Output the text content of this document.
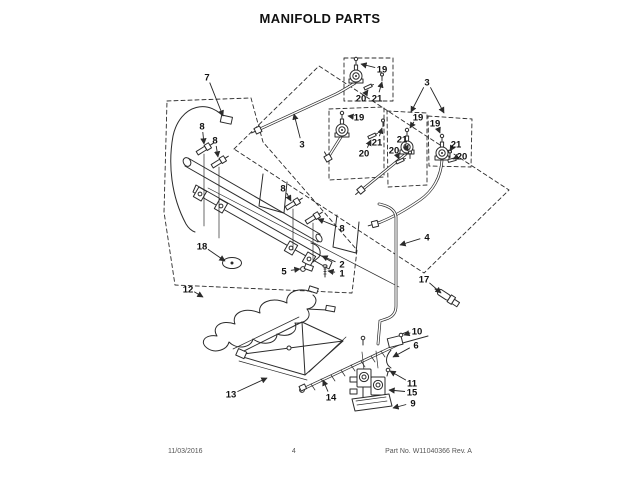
MANIFOLD PARTS
7
8
8
8
8
19
20 21
3
19
21
20
3
19
21
20
19
21
20
2
1
4
18
5
12
17
10
6
11
15
9
13	14
11/03/2016	4	Part No. W11040366 Rev. A
